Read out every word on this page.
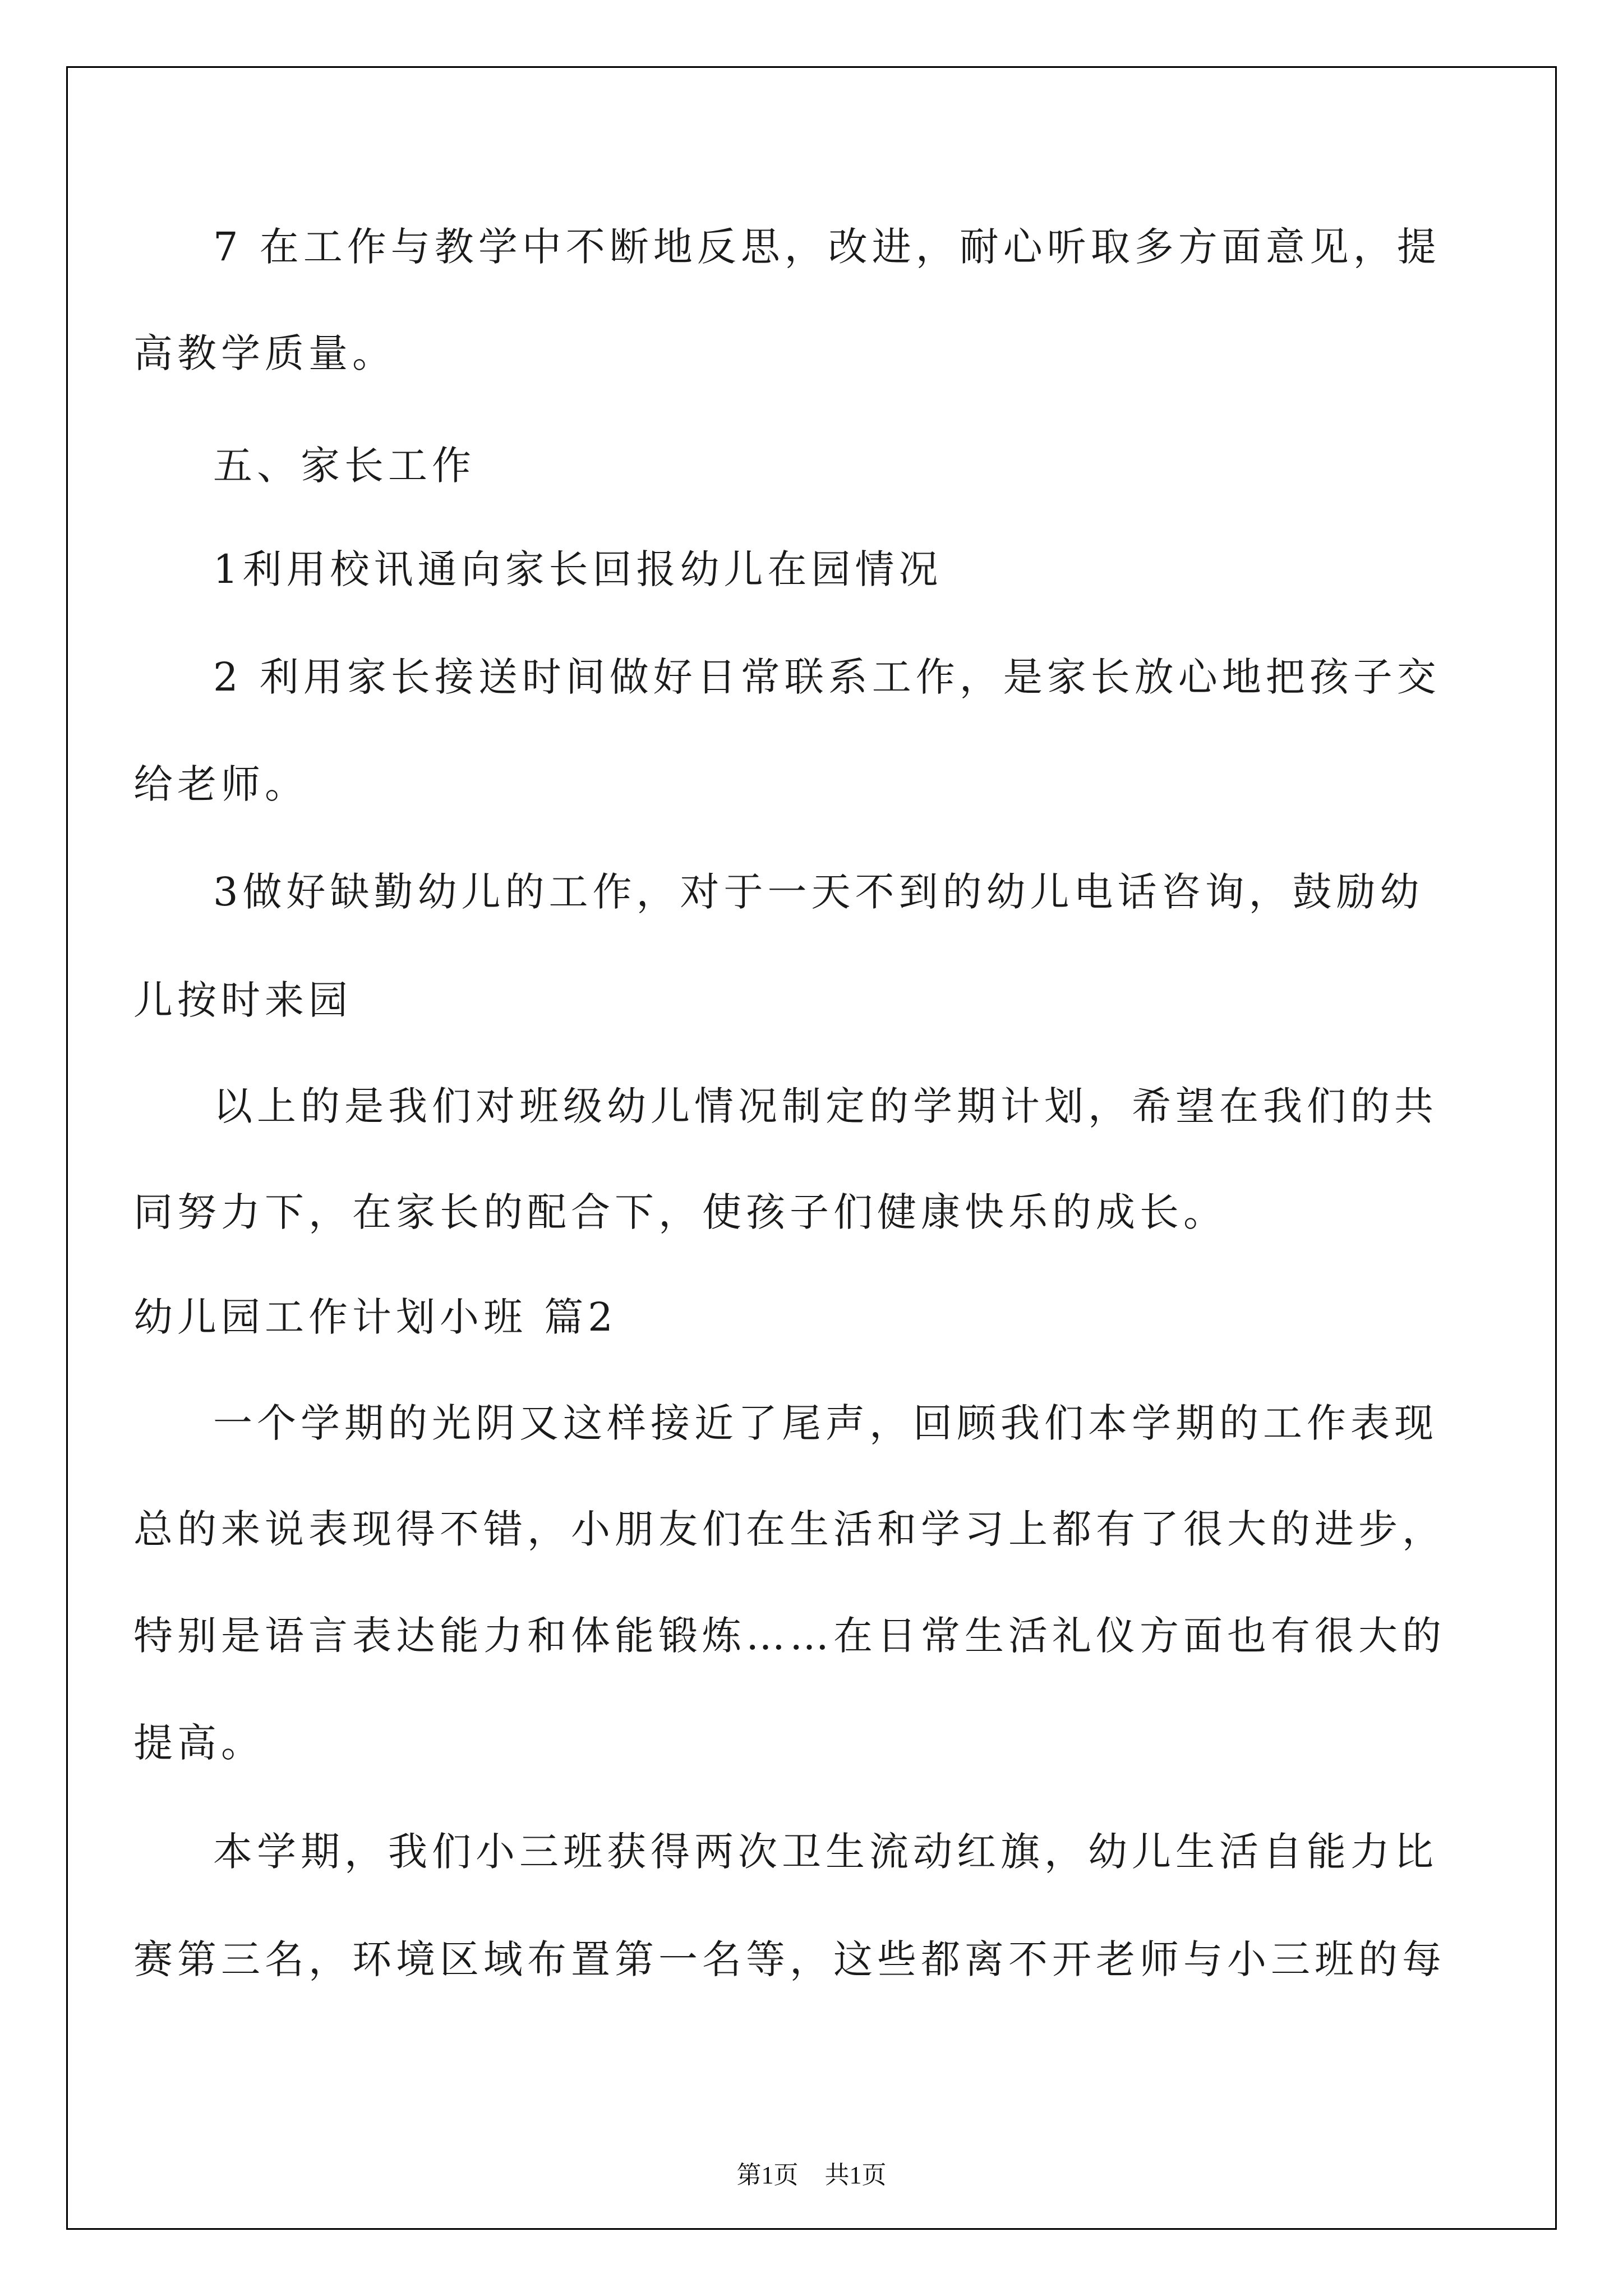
7 在工作与教学中不断地反思，改进，耐心听取多方面意见，提
高教学质量。
五、家长工作
1利用校讯通向家长回报幼儿在园情况
2 利用家长接送时间做好日常联系工作，是家长放心地把孩子交
给老师。
3做好缺勤幼儿的工作，对于一天不到的幼儿电话咨询，鼓励幼
儿按时来园
以上的是我们对班级幼儿情况制定的学期计划，希望在我们的共
同努力下，在家长的配合下，使孩子们健康快乐的成长。
幼儿园工作计划小班 篇2
一个学期的光阴又这样接近了尾声，回顾我们本学期的工作表现
总的来说表现得不错，小朋友们在生活和学习上都有了很大的进步，
特别是语言表达能力和体能锻炼……在日常生活礼仪方面也有很大的
提高。
本学期，我们小三班获得两次卫生流动红旗，幼儿生活自能力比
赛第三名，环境区域布置第一名等，这些都离不开老师与小三班的每
第1页 共1页
